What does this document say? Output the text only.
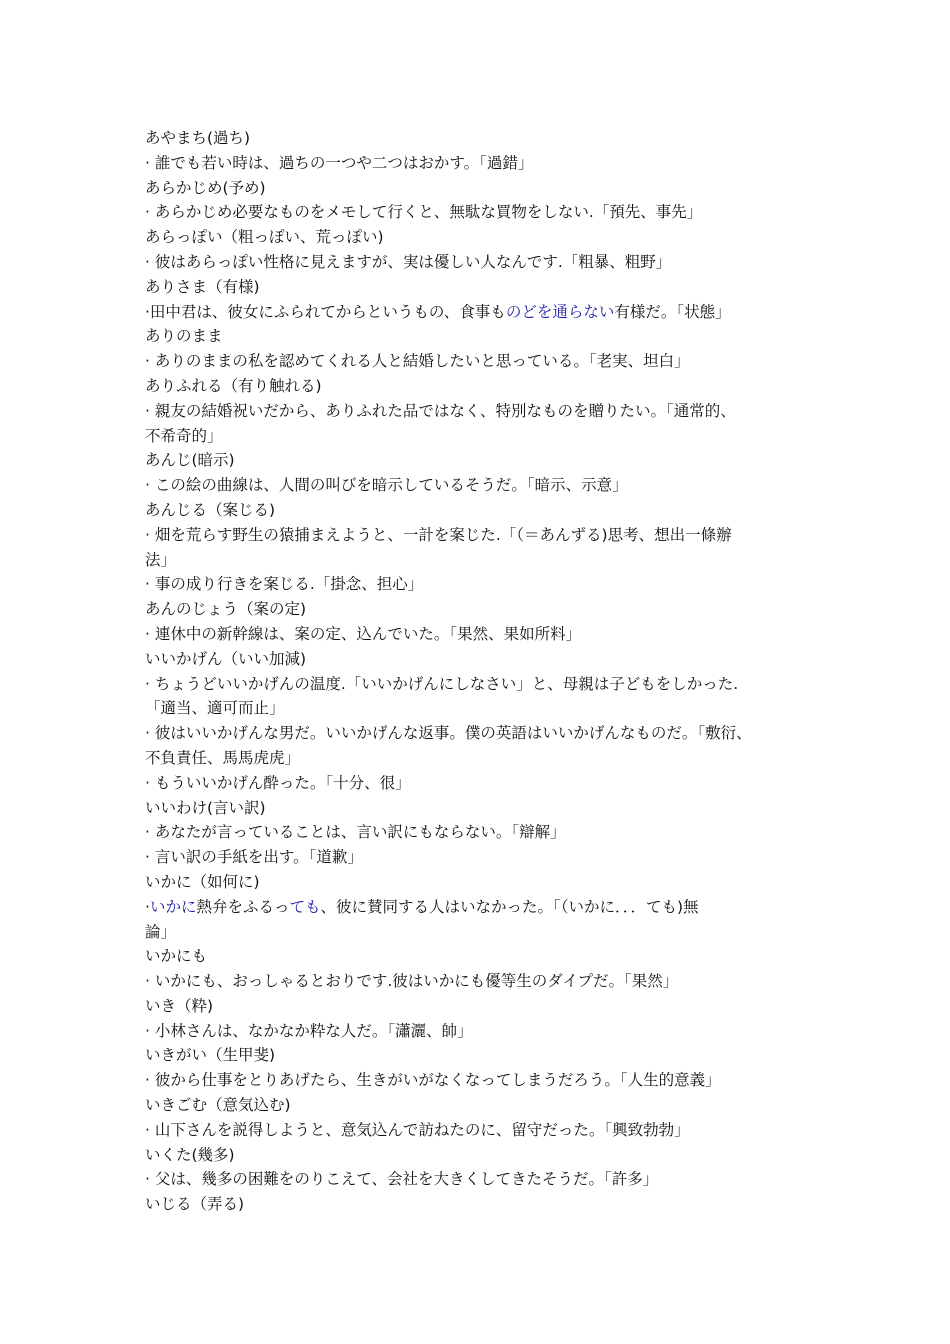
あやまち(過ち)
· 誰でも若い時は、過ちの一つや二つはおかす。「過錯」
あらかじめ(予め)
· あらかじめ必要なものをメモして行くと、無駄な買物をしない.「預先、事先」
あらっぽい（粗っぽい、荒っぽい)
· 彼はあらっぽい性格に見えますが、実は優しい人なんです.「粗暴、粗野」
ありさま（有様)
·田中君は、彼女にふられてからというもの、食事ものどを通らない有様だ。「状態」
ありのまま
· ありのままの私を認めてくれる人と結婚したいと思っている。「老実、坦白」
ありふれる（有り触れる)
· 親友の結婚祝いだから、ありふれた品ではなく、特別なものを贈りたい。「通常的、
不希奇的」
あんじ(暗示)
· この絵の曲線は、人間の叫びを暗示しているそうだ。「暗示、示意」
あんじる（案じる)
· 畑を荒らす野生の猿捕まえようと、一計を案じた.「（＝あんずる)思考、想出一條辦
法」
· 事の成り行きを案じる.「掛念、担心」
あんのじょう（案の定)
· 連休中の新幹線は、案の定、込んでいた。「果然、果如所料」
いいかげん（いい加減)
· ちょうどいいかげんの温度.「いいかげんにしなさい」と、母親は子どもをしかった.
「適当、適可而止」
· 彼はいいかげんな男だ。いいかげんな返事。僕の英語はいいかげんなものだ。「敷衍、
不負責任、馬馬虎虎」
· もういいかげん酔った。「十分、很」
いいわけ(言い訳)
· あなたが言っていることは、言い訳にもならない。「辯解」
· 言い訳の手紙を出す。「道歉」
いかに（如何に)
·いかに熱弁をふるっても、彼に賛同する人はいなかった。「（いかに．．．ても)無
論」
いかにも
· いかにも、おっしゃるとおりです.彼はいかにも優等生のダイプだ。「果然」
いき（粋)
· 小林さんは、なかなか粋な人だ。「瀟灑、帥」
いきがい（生甲斐)
· 彼から仕事をとりあげたら、生きがいがなくなってしまうだろう。「人生的意義」
いきごむ（意気込む)
· 山下さんを説得しようと、意気込んで訪ねたのに、留守だった。「興致勃勃」
いくた(幾多)
· 父は、幾多の困難をのりこえて、会社を大きくしてきたそうだ。「許多」
いじる（弄る)
